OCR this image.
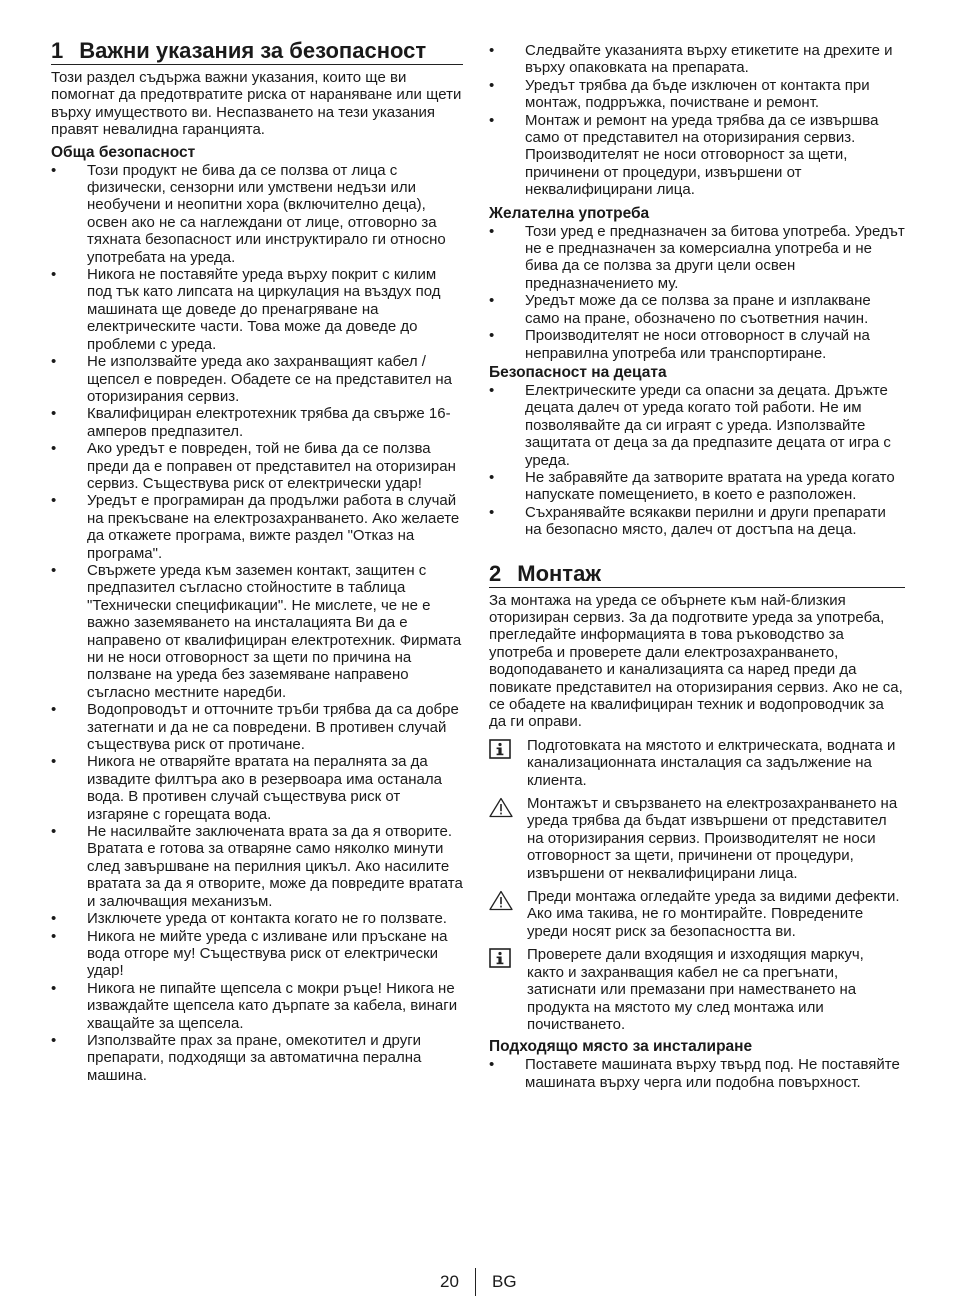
1 Важни указания за безопасност

Този раздел съдържа важни указания, които ще ви помогнат да предотвратите риска от нараняване или щети върху имуществото ви. Неспазването на тези указания правят невалидна гаранцията.

Обща безопасност
• Този продукт не бива да се ползва от лица с физически, сензорни или умствени недъзи или необучени и неопитни хора (включително деца), освен ако не са наглеждани от лице, отговорно за тяхната безопасност или инструктирало ги относно употребата на уреда.
• Никога не поставяйте уреда върху покрит с килим под тък като липсата на циркулация на въздух под машината ще доведе до пренагряване на електрическите части. Това може да доведе до проблеми с уреда.
• Не използвайте уреда ако захранващият кабел / щепсел е повреден. Обадете се на представител на оторизирания сервиз.
• Квалифициран електротехник трябва да свърже 16-амперов предпазител.
• Ако уредът е повреден, той не бива да се ползва преди да е поправен от представител на оторизиран сервиз. Съществува риск от електрически удар!
• Уредът е програмиран да продължи работа в случай на прекъсване на електрозахранването. Ако желаете да откажете програма, вижте раздел "Отказ на програма".
• Свържете уреда към заземен контакт, защитен с предпазител съгласно стойностите в таблица "Технически спецификации". Не мислете, че не е важно заземяването на инсталацията Ви да е направено от квалифициран електротехник. Фирмата ни не носи отговорност за щети по причина на ползване на уреда без заземяване направено съгласно местните наредби.
• Водопроводът и отточните тръби трябва да са добре затегнати и да не са повредени. В противен случай съществува риск от протичане.
• Никога не отваряйте вратата на пералнята за да извадите филтъра ако в резервоара има останала вода. В противен случай съществува риск от изгаряне с горещата вода.
• Не насилвайте заключената врата за да я отворите. Вратата е готова за отваряне само няколко минути след завършване на перилния цикъл. Ако насилите вратата за да я отворите, може да повредите вратата и залючващия механизъм.
• Изключете уреда от контакта когато не го ползвате.
• Никога не мийте уреда с изливане или пръскане на вода отгоре му! Съществува риск от електрически удар!
• Никога не пипайте щепсела с мокри ръце! Никога не изваждайте щепсела като дърпате за кабела, винаги хващайте за щепсела.
• Използвайте прах за пране, омекотител и други препарати, подходящи за автоматична перална машина.
• Следвайте указанията върху етикетите на дрехите и върху опаковката на препарата.
• Уредът трябва да бъде изключен от контакта при монтаж, подрръжка, почистване и ремонт.
• Монтаж и ремонт на уреда трябва да се извършва само от представител на оторизирания сервиз. Производителят не носи отговорност за щети, причинени от процедури, извършени от неквалифицирани лица.
Желателна употреба
• Този уред е предназначен за битова употреба. Уредът не е предназначен за комерсиална употреба и не бива да се ползва за други цели освен предназначението му.
• Уредът може да се ползва за пране и изплакване само на пране, обозначено по съответния начин.
• Производителят не носи отговорност в случай на неправилна употреба или транспортиране.
Безопасност на децата
• Електрическите уреди са опасни за децата. Дръжте децата далеч от уреда когато той работи. Не им позволявайте да си играят с уреда. Използвайте защитата от деца за да предпазите децата от игра с уреда.
• Не забравяйте да затворите вратата на уреда когато напускате помещението, в което е разположен.
• Съхранявайте всякакви перилни и други препарати на безопасно място, далеч от достъпа на деца.
2 Монтаж

За монтажа на уреда се обърнете към най-близкия оторизиран сервиз. За да подготвите уреда за употреба, прегледайте информацията в това ръководство за употреба и проверете дали електрозахранването, водоподаването и канализацията са наред преди да повикате представител на оторизирания сервиз. Ако не са, се обадете на квалифициран техник и водопроводчик за да ги оправи.

Подготовката на мястото и елктрическата, водната и канализационната инсталация са задължение на клиента.
Монтажът и свързването на електрозахранването на уреда трябва да бъдат извършени от представител на оторизирания сервиз. Производителят не носи отговорност за щети, причинени от процедури, извършени от неквалифицирани лица.
Преди монтажа огледайте уреда за видими дефекти. Ако има такива, не го монтирайте. Повредените уреди носят риск за безопасността ви.
Проверете дали входящия и изходящия маркуч, както и захранващия кабел не са прегънати, затиснати или премазани при наместването на продукта на мястото му след монтажа или почистването.
Подходящо място за инсталиране
• Поставете машината върху твърд под. Не поставяйте машината върху черга или подобна повърхност.
20 BG
